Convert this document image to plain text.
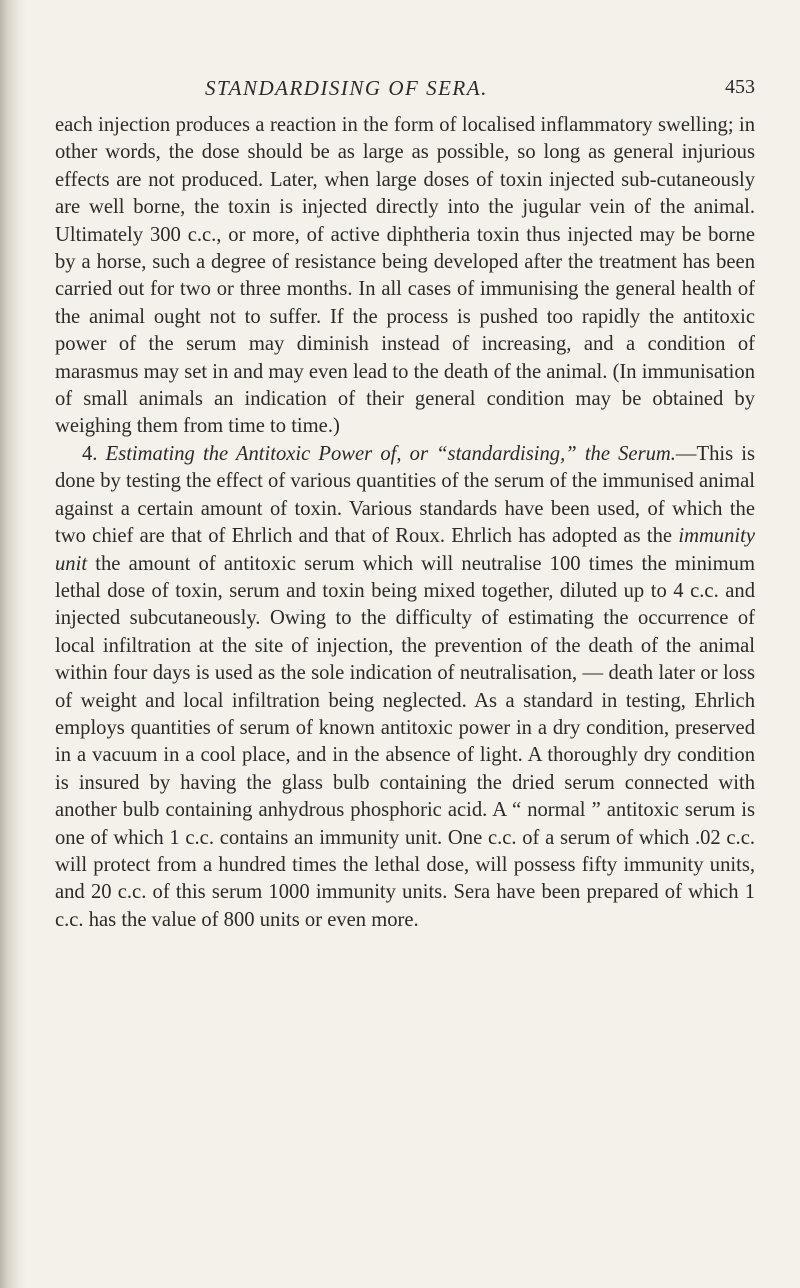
STANDARDISING OF SERA.	453

each injection produces a reaction in the form of localised inflammatory swelling; in other words, the dose should be as large as possible, so long as general injurious effects are not produced. Later, when large doses of toxin injected sub-cutaneously are well borne, the toxin is injected directly into the jugular vein of the animal. Ultimately 300 c.c., or more, of active diphtheria toxin thus injected may be borne by a horse, such a degree of resistance being developed after the treatment has been carried out for two or three months. In all cases of immunising the general health of the animal ought not to suffer. If the process is pushed too rapidly the antitoxic power of the serum may diminish instead of increasing, and a condition of marasmus may set in and may even lead to the death of the animal. (In immunisation of small animals an indication of their general condition may be obtained by weighing them from time to time.)

4. Estimating the Antitoxic Power of, or “standardising,” the Serum.—This is done by testing the effect of various quantities of the serum of the immunised animal against a certain amount of toxin. Various standards have been used, of which the two chief are that of Ehrlich and that of Roux. Ehrlich has adopted as the immunity unit the amount of antitoxic serum which will neutralise 100 times the minimum lethal dose of toxin, serum and toxin being mixed together, diluted up to 4 c.c. and injected subcutaneously. Owing to the difficulty of estimating the occurrence of local infiltration at the site of injection, the prevention of the death of the animal within four days is used as the sole indication of neutralisation, — death later or loss of weight and local infiltration being neglected. As a standard in testing, Ehrlich employs quantities of serum of known antitoxic power in a dry condition, preserved in a vacuum in a cool place, and in the absence of light. A thoroughly dry condition is insured by having the glass bulb containing the dried serum connected with another bulb containing anhydrous phosphoric acid. A “ normal ” antitoxic serum is one of which 1 c.c. contains an immunity unit. One c.c. of a serum of which .02 c.c. will protect from a hundred times the lethal dose, will possess fifty immunity units, and 20 c.c. of this serum 1000 immunity units. Sera have been prepared of which 1 c.c. has the value of 800 units or even more.
